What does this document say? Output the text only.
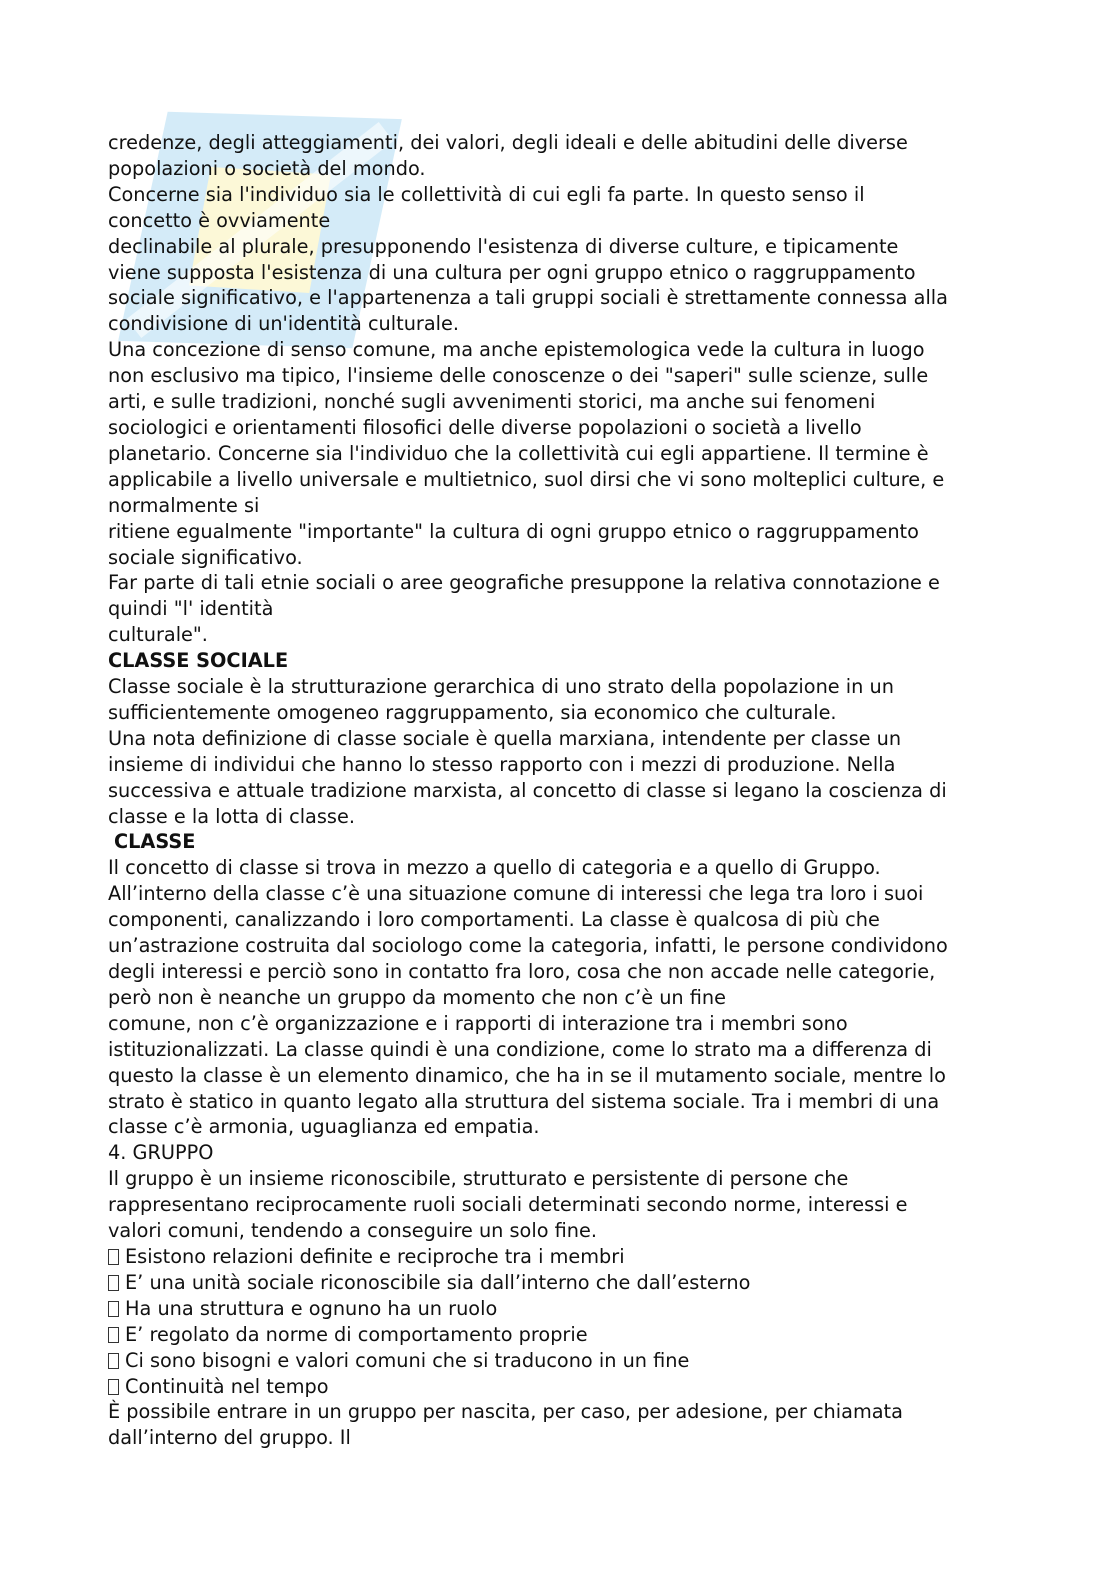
credenze, degli atteggiamenti, dei valori, degli ideali e delle abitudini delle diverse
popolazioni o società del mondo.
Concerne sia l'individuo sia le collettività di cui egli fa parte. In questo senso il
concetto è ovviamente
declinabile al plurale, presupponendo l'esistenza di diverse culture, e tipicamente
viene supposta l'esistenza di una cultura per ogni gruppo etnico o raggruppamento
sociale significativo, e l'appartenenza a tali gruppi sociali è strettamente connessa alla
condivisione di un'identità culturale.
Una concezione di senso comune, ma anche epistemologica vede la cultura in luogo
non esclusivo ma tipico, l'insieme delle conoscenze o dei "saperi" sulle scienze, sulle
arti, e sulle tradizioni, nonché sugli avvenimenti storici, ma anche sui fenomeni
sociologici e orientamenti filosofici delle diverse popolazioni o società a livello
planetario. Concerne sia l'individuo che la collettività cui egli appartiene. Il termine è
applicabile a livello universale e multietnico, suol dirsi che vi sono molteplici culture, e
normalmente si
ritiene egualmente "importante" la cultura di ogni gruppo etnico o raggruppamento
sociale significativo.
Far parte di tali etnie sociali o aree geografiche presuppone la relativa connotazione e
quindi "l' identità
culturale".
CLASSE SOCIALE
Classe sociale è la strutturazione gerarchica di uno strato della popolazione in un
sufficientemente omogeneo raggruppamento, sia economico che culturale.
Una nota definizione di classe sociale è quella marxiana, intendente per classe un
insieme di individui che hanno lo stesso rapporto con i mezzi di produzione. Nella
successiva e attuale tradizione marxista, al concetto di classe si legano la coscienza di
classe e la lotta di classe.
CLASSE
Il concetto di classe si trova in mezzo a quello di categoria e a quello di Gruppo.
All’interno della classe c’è una situazione comune di interessi che lega tra loro i suoi
componenti, canalizzando i loro comportamenti. La classe è qualcosa di più che
un’astrazione costruita dal sociologo come la categoria, infatti, le persone condividono
degli interessi e perciò sono in contatto fra loro, cosa che non accade nelle categorie,
però non è neanche un gruppo da momento che non c’è un fine
comune, non c’è organizzazione e i rapporti di interazione tra i membri sono
istituzionalizzati. La classe quindi è una condizione, come lo strato ma a differenza di
questo la classe è un elemento dinamico, che ha in se il mutamento sociale, mentre lo
strato è statico in quanto legato alla struttura del sistema sociale. Tra i membri di una
classe c’è armonia, uguaglianza ed empatia.
4. GRUPPO
Il gruppo è un insieme riconoscibile, strutturato e persistente di persone che
rappresentano reciprocamente ruoli sociali determinati secondo norme, interessi e
valori comuni, tendendo a conseguire un solo fine.
Esistono relazioni definite e reciproche tra i membri
E’ una unità sociale riconoscibile sia dall’interno che dall’esterno
Ha una struttura e ognuno ha un ruolo
E’ regolato da norme di comportamento proprie
Ci sono bisogni e valori comuni che si traducono in un fine
Continuità nel tempo
È possibile entrare in un gruppo per nascita, per caso, per adesione, per chiamata
dall’interno del gruppo. Il
